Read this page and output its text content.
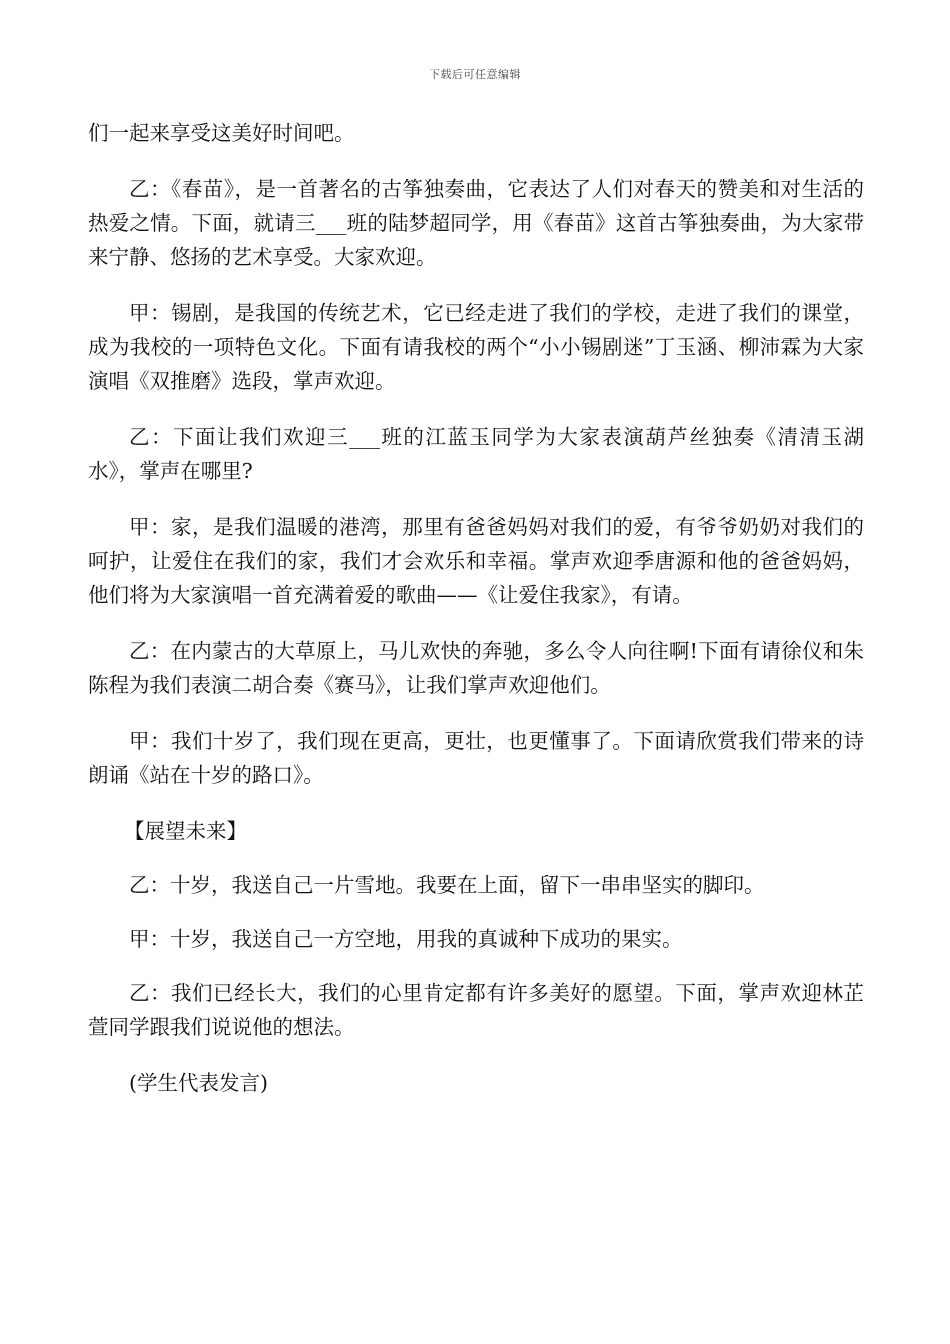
下载后可任意编辑

们一起来享受这美好时间吧。

乙：《春苗》，是一首著名的古筝独奏曲，它表达了人们对春天的赞美和对生活的热爱之情。下面，就请三___班的陆梦超同学，用《春苗》这首古筝独奏曲，为大家带来宁静、悠扬的艺术享受。大家欢迎。

甲：锡剧，是我国的传统艺术，它已经走进了我们的学校，走进了我们的课堂，成为我校的一项特色文化。下面有请我校的两个“小小锡剧迷”丁玉涵、柳沛霖为大家演唱《双推磨》选段，掌声欢迎。

乙：下面让我们欢迎三___班的江蓝玉同学为大家表演葫芦丝独奏《清清玉湖水》，掌声在哪里?

甲：家，是我们温暖的港湾，那里有爸爸妈妈对我们的爱，有爷爷奶奶对我们的呵护，让爱住在我们的家，我们才会欢乐和幸福。掌声欢迎季唐源和他的爸爸妈妈，他们将为大家演唱一首充满着爱的歌曲——《让爱住我家》，有请。

乙：在内蒙古的大草原上，马儿欢快的奔驰，多么令人向往啊!下面有请徐仪和朱陈程为我们表演二胡合奏《赛马》，让我们掌声欢迎他们。

甲：我们十岁了，我们现在更高，更壮，也更懂事了。下面请欣赏我们带来的诗朗诵《站在十岁的路口》。

【展望未来】

乙：十岁，我送自己一片雪地。我要在上面，留下一串串坚实的脚印。

甲：十岁，我送自己一方空地，用我的真诚种下成功的果实。

乙：我们已经长大，我们的心里肯定都有许多美好的愿望。下面，掌声欢迎林芷萱同学跟我们说说他的想法。

(学生代表发言)
